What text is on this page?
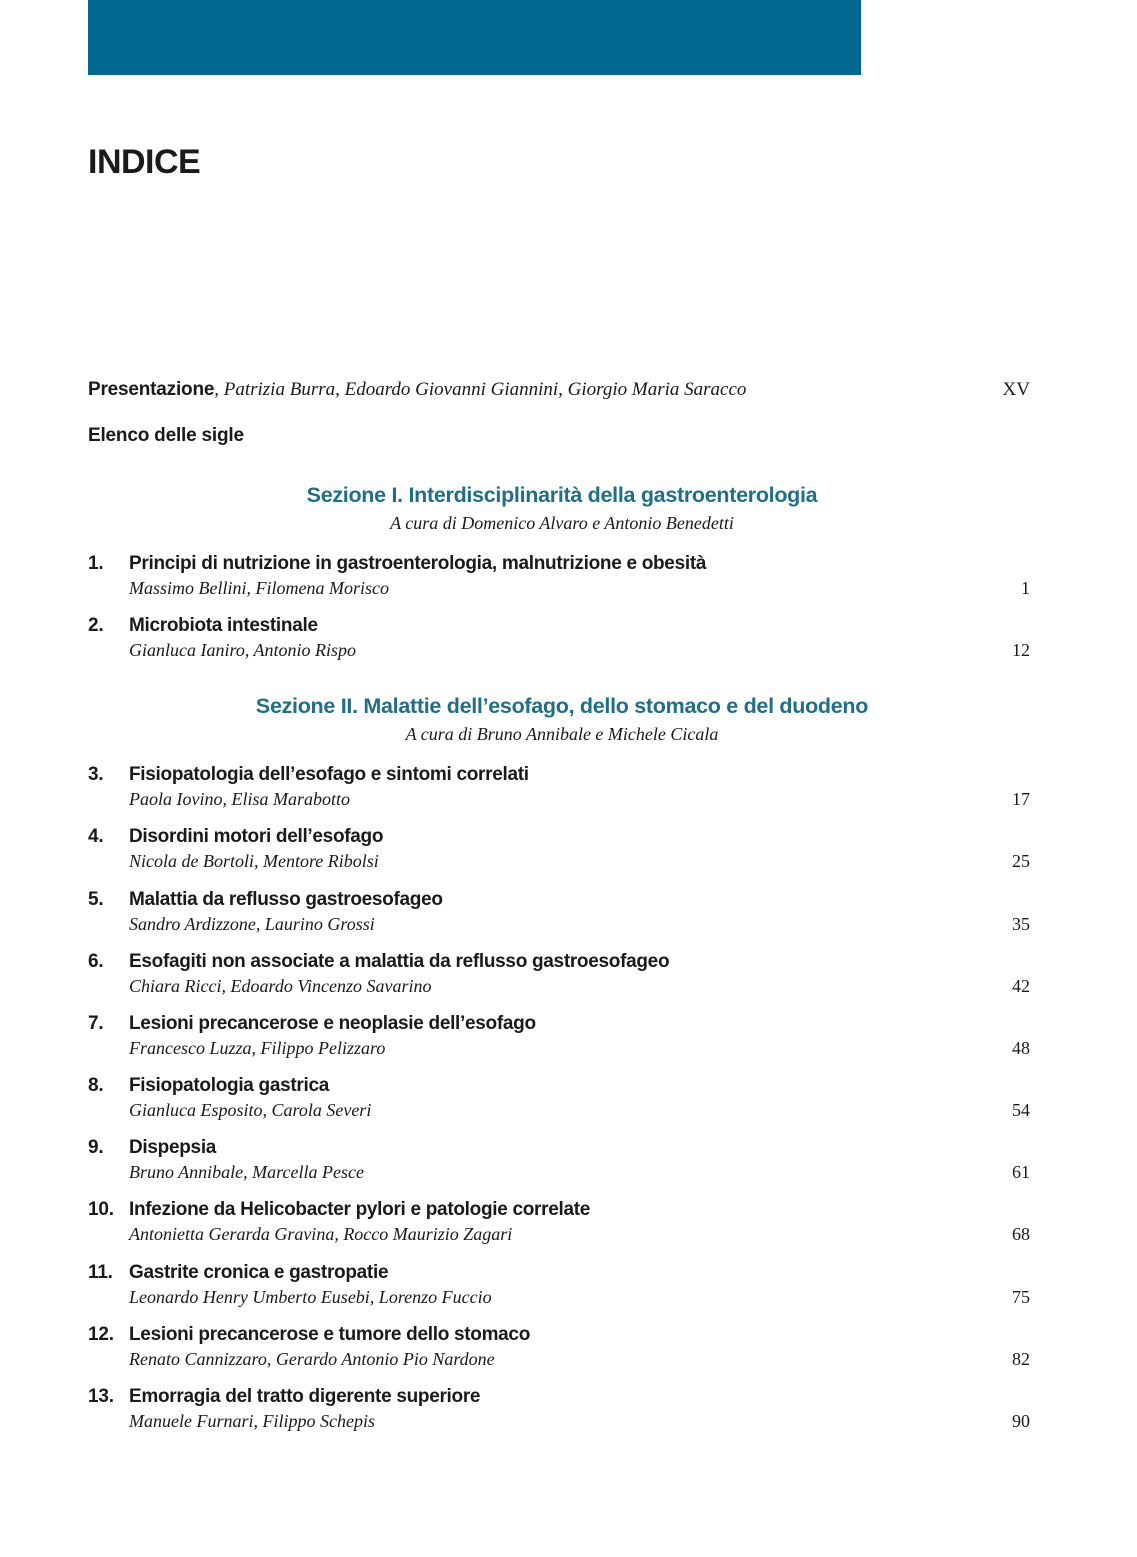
INDICE
Presentazione, Patrizia Burra, Edoardo Giovanni Giannini, Giorgio Maria Saracco	XV
Elenco delle sigle
Sezione I. Interdisciplinarità della gastroenterologia
A cura di Domenico Alvaro e Antonio Benedetti
1. Principi di nutrizione in gastroenterologia, malnutrizione e obesità
Massimo Bellini, Filomena Morisco	1
2. Microbiota intestinale
Gianluca Ianiro, Antonio Rispo	12
Sezione II. Malattie dell’esofago, dello stomaco e del duodeno
A cura di Bruno Annibale e Michele Cicala
3. Fisiopatologia dell’esofago e sintomi correlati
Paola Iovino, Elisa Marabotto	17
4. Disordini motori dell’esofago
Nicola de Bortoli, Mentore Ribolsi	25
5. Malattia da reflusso gastroesofageo
Sandro Ardizzone, Laurino Grossi	35
6. Esofagiti non associate a malattia da reflusso gastroesofageo
Chiara Ricci, Edoardo Vincenzo Savarino	42
7. Lesioni precancerose e neoplasie dell’esofago
Francesco Luzza, Filippo Pelizzaro	48
8. Fisiopatologia gastrica
Gianluca Esposito, Carola Severi	54
9. Dispepsia
Bruno Annibale, Marcella Pesce	61
10. Infezione da Helicobacter pylori e patologie correlate
Antonietta Gerarda Gravina, Rocco Maurizio Zagari	68
11. Gastrite cronica e gastropatie
Leonardo Henry Umberto Eusebi, Lorenzo Fuccio	75
12. Lesioni precancerose e tumore dello stomaco
Renato Cannizzaro, Gerardo Antonio Pio Nardone	82
13. Emorragia del tratto digerente superiore
Manuele Furnari, Filippo Schepis	90
